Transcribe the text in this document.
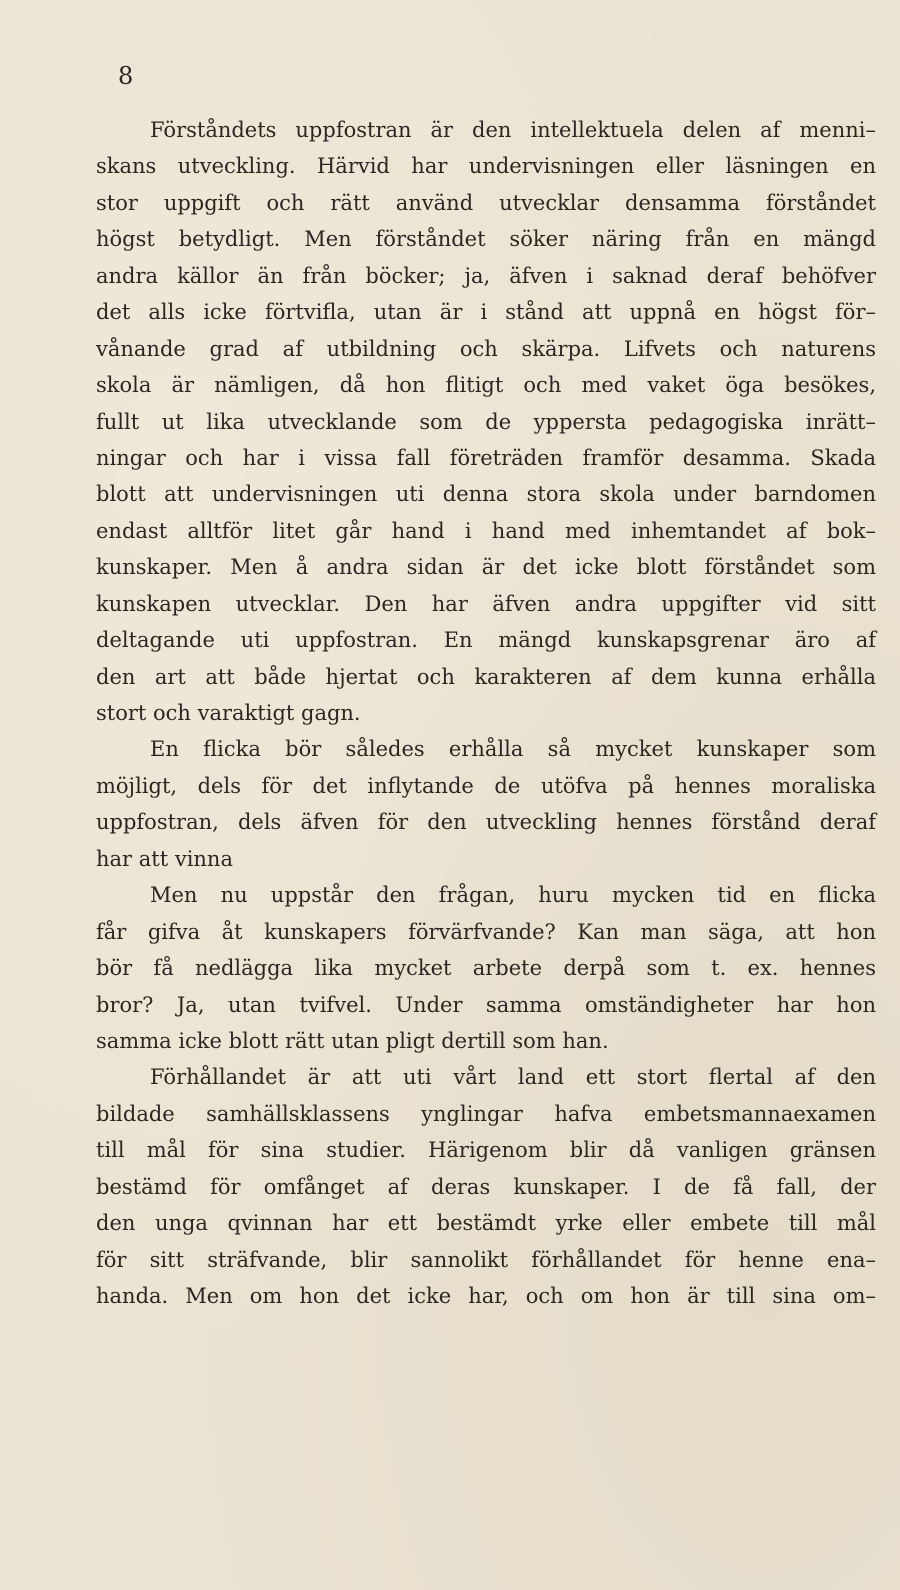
8
Förståndets uppfostran är den intellektuela delen af menni–
skans utveckling. Härvid har undervisningen eller läsningen en
stor uppgift och rätt använd utvecklar densamma förståndet
högst betydligt. Men förståndet söker näring från en mängd
andra källor än från böcker; ja, äfven i saknad deraf behöfver
det alls icke förtvifla, utan är i stånd att uppnå en högst för–
vånande grad af utbildning och skärpa. Lifvets och naturens
skola är nämligen, då hon flitigt och med vaket öga besökes,
fullt ut lika utvecklande som de yppersta pedagogiska inrätt–
ningar och har i vissa fall företräden framför desamma. Skada
blott att undervisningen uti denna stora skola under barndomen
endast alltför litet går hand i hand med inhemtandet af bok–
kunskaper. Men å andra sidan är det icke blott förståndet som
kunskapen utvecklar. Den har äfven andra uppgifter vid sitt
deltagande uti uppfostran. En mängd kunskapsgrenar äro af
den art att både hjertat och karakteren af dem kunna erhålla
stort och varaktigt gagn.
En flicka bör således erhålla så mycket kunskaper som
möjligt, dels för det inflytande de utöfva på hennes moraliska
uppfostran, dels äfven för den utveckling hennes förstånd deraf
har att vinna
Men nu uppstår den frågan, huru mycken tid en flicka
får gifva åt kunskapers förvärfvande? Kan man säga, att hon
bör få nedlägga lika mycket arbete derpå som t. ex. hennes
bror? Ja, utan tvifvel. Under samma omständigheter har hon
samma icke blott rätt utan pligt dertill som han.
Förhållandet är att uti vårt land ett stort flertal af den
bildade samhällsklassens ynglingar hafva embetsmannaexamen
till mål för sina studier. Härigenom blir då vanligen gränsen
bestämd för omfånget af deras kunskaper. I de få fall, der
den unga qvinnan har ett bestämdt yrke eller embete till mål
för sitt sträfvande, blir sannolikt förhållandet för henne ena–
handa. Men om hon det icke har, och om hon är till sina om–
